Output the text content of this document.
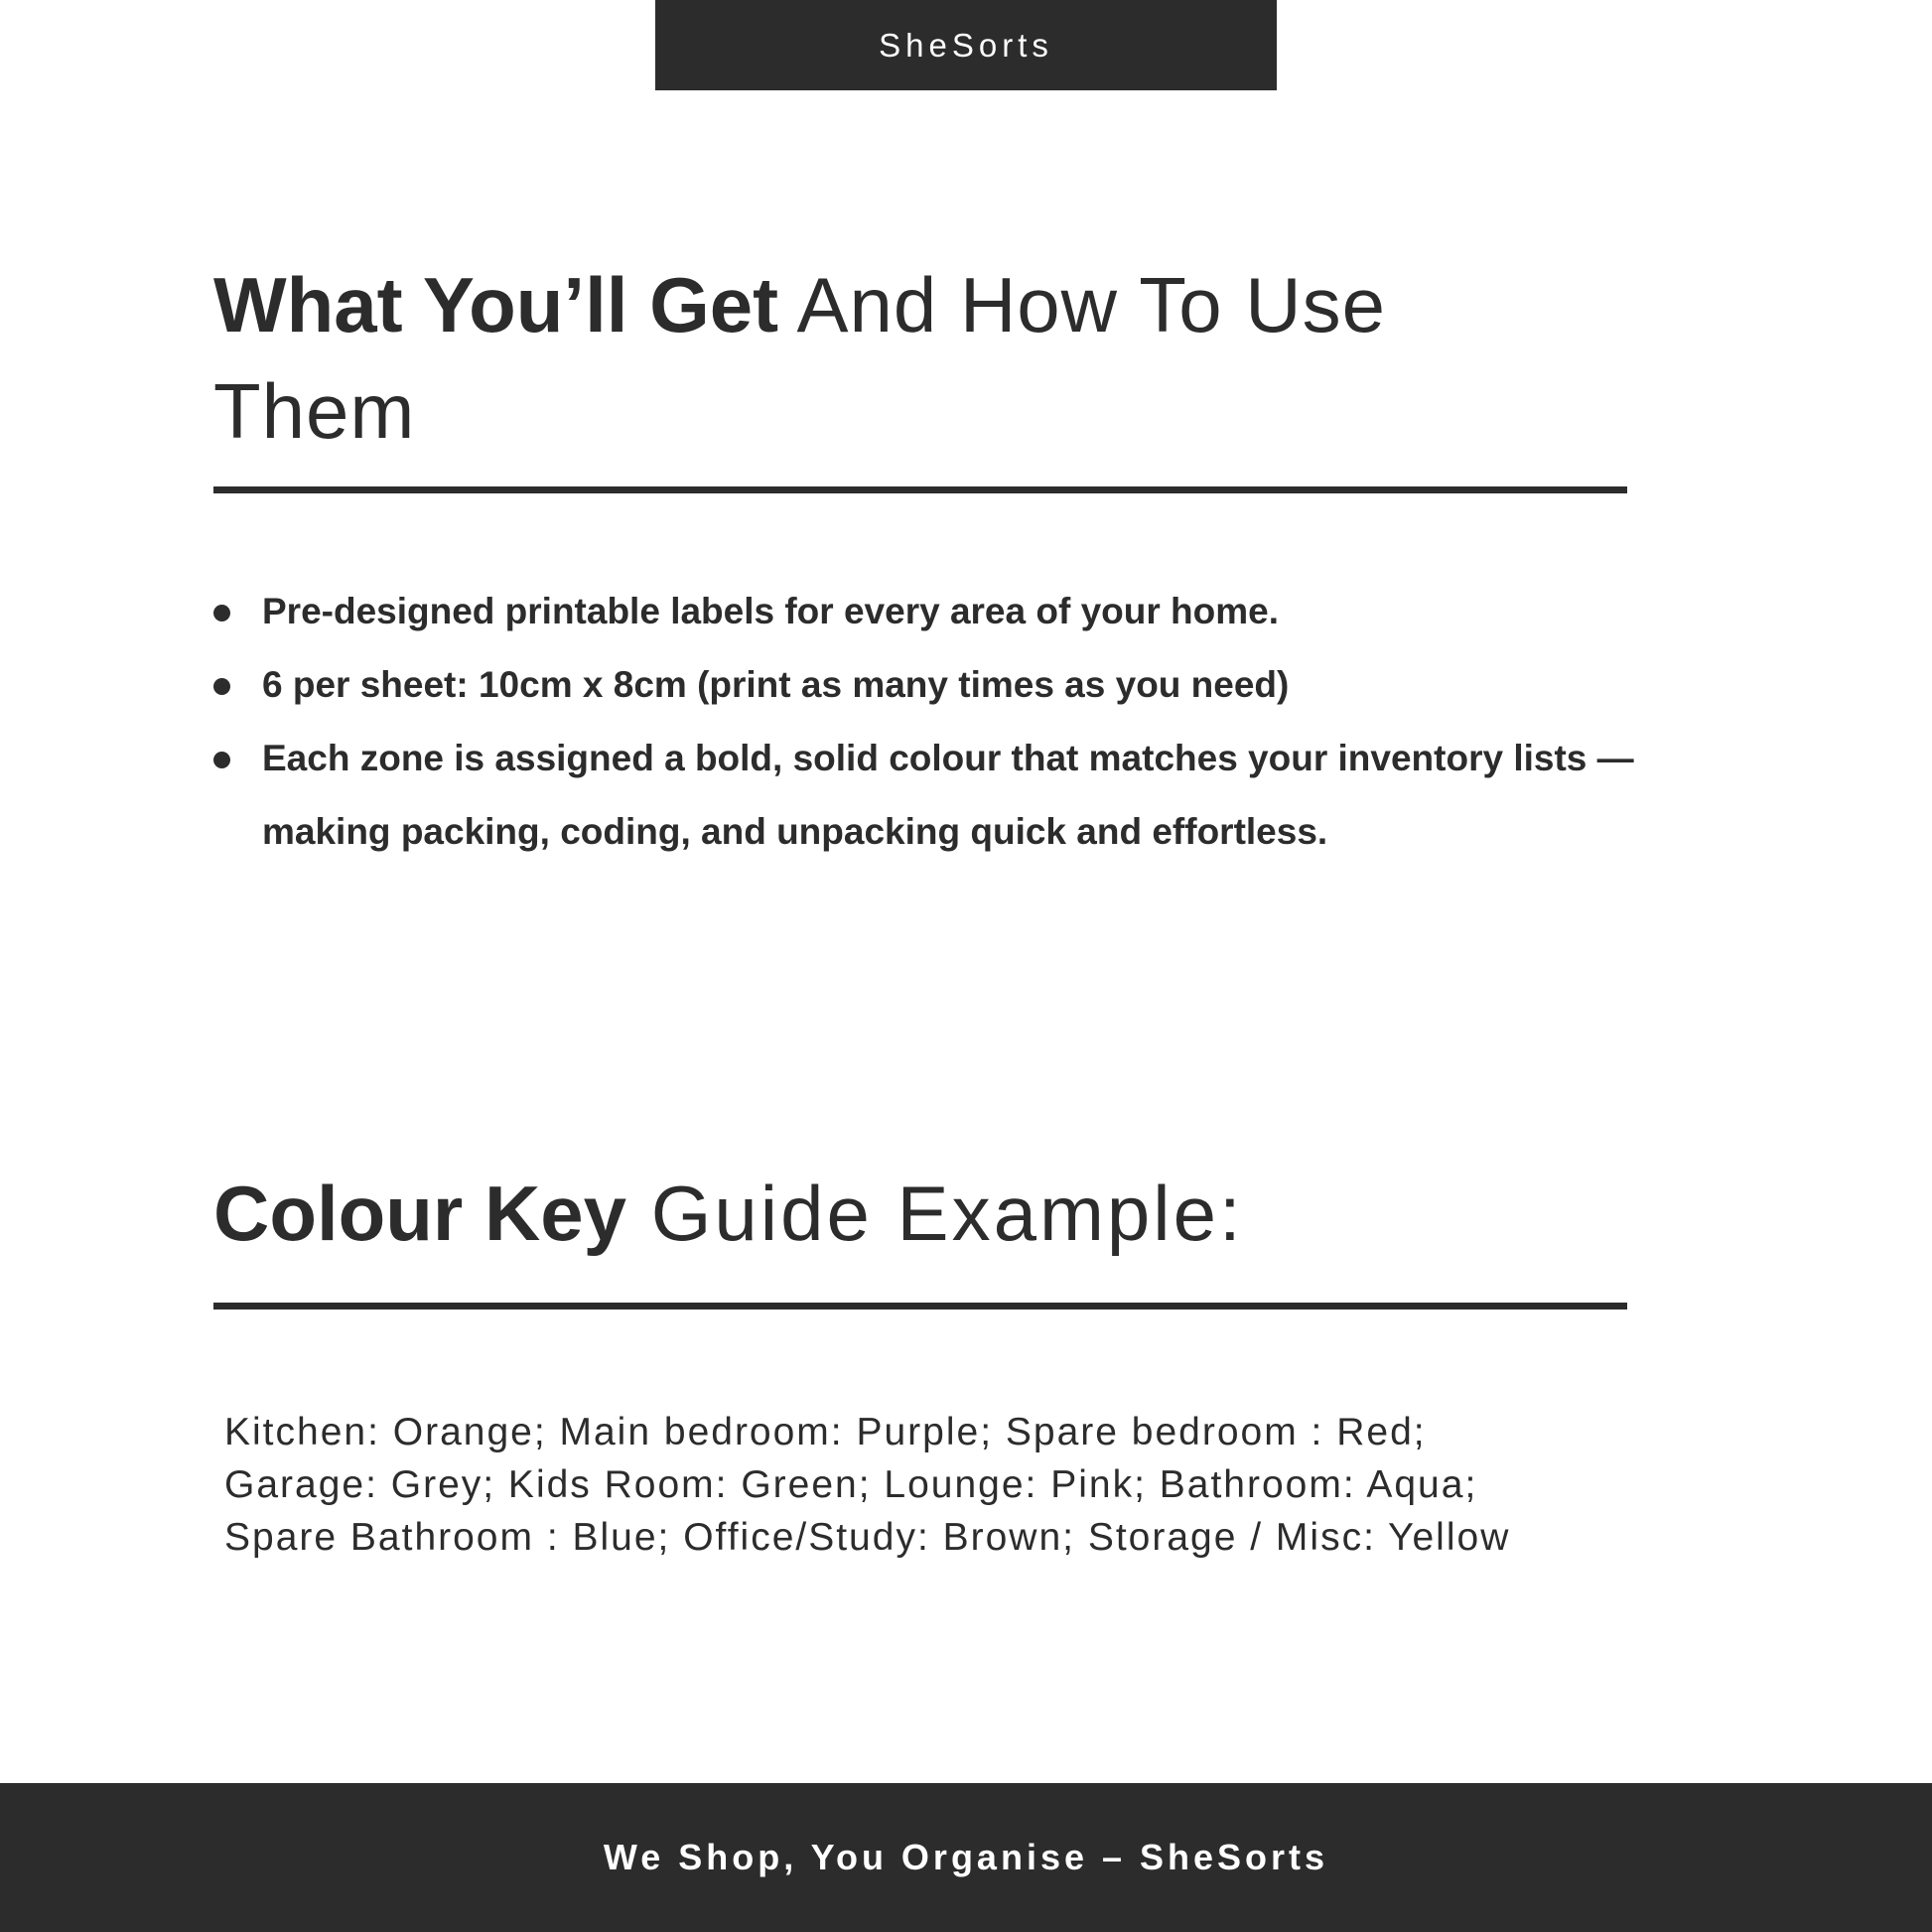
SheSorts
What You’ll Get And How To Use Them
Pre-designed printable labels for every area of your home.
6 per sheet: 10cm x 8cm (print as many times as you need)
Each zone is assigned a bold, solid colour that matches your inventory lists — making packing, coding, and unpacking quick and effortless.
Colour Key Guide Example:
Kitchen: Orange; Main bedroom: Purple; Spare bedroom : Red;
Garage: Grey; Kids Room: Green; Lounge: Pink; Bathroom: Aqua;
Spare Bathroom : Blue; Office/Study: Brown; Storage / Misc: Yellow
We Shop, You Organise – SheSorts
